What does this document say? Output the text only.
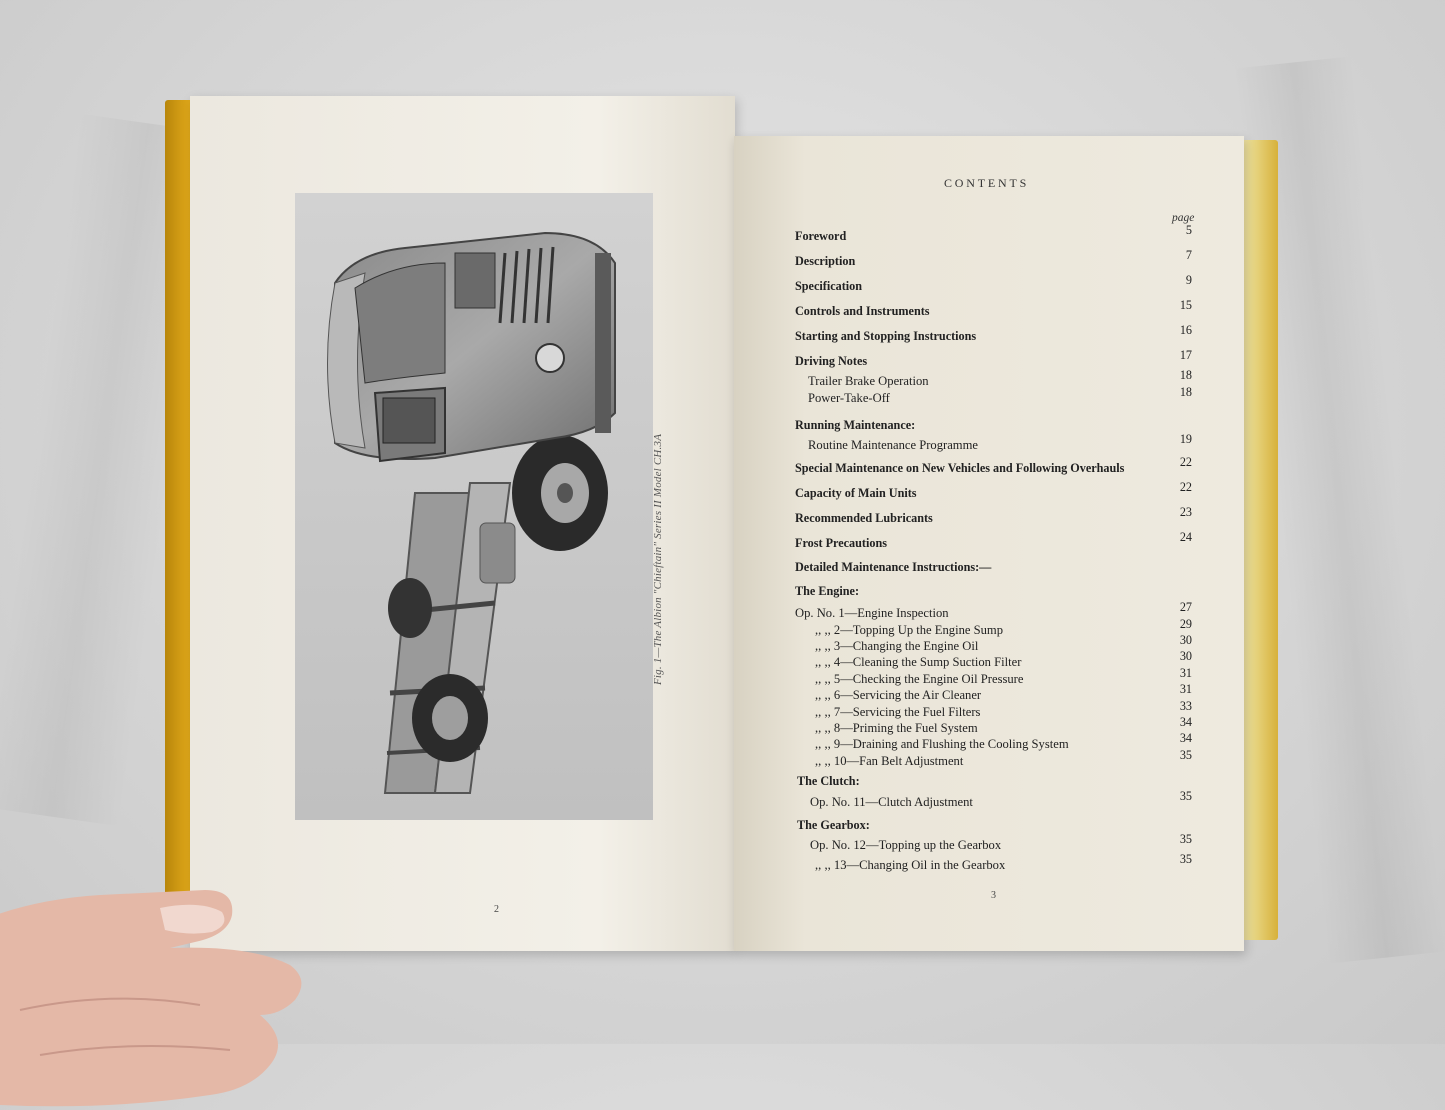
Fig. 1—The Albion "Chieftain" Series II Model CH.3A
2
CONTENTS
page
Foreword	5
Description	7
Specification	9
Controls and Instruments	15
Starting and Stopping Instructions	16
Driving Notes	17
Trailer Brake Operation	18
Power-Take-Off	18
Running Maintenance:
Routine Maintenance Programme	19
Special Maintenance on New Vehicles and Following Overhauls	22
Capacity of Main Units	22
Recommended Lubricants	23
Frost Precautions	24
Detailed Maintenance Instructions:—
The Engine:
Op. No. 1—Engine Inspection	27
,, ,, 2—Topping Up the Engine Sump	29
,, ,, 3—Changing the Engine Oil	30
,, ,, 4—Cleaning the Sump Suction Filter	30
,, ,, 5—Checking the Engine Oil Pressure	31
,, ,, 6—Servicing the Air Cleaner	31
,, ,, 7—Servicing the Fuel Filters	33
,, ,, 8—Priming the Fuel System	34
,, ,, 9—Draining and Flushing the Cooling System	34
,, ,, 10—Fan Belt Adjustment	35
The Clutch:
Op. No. 11—Clutch Adjustment	35
The Gearbox:
Op. No. 12—Topping up the Gearbox	35
,, ,, 13—Changing Oil in the Gearbox	35
3
